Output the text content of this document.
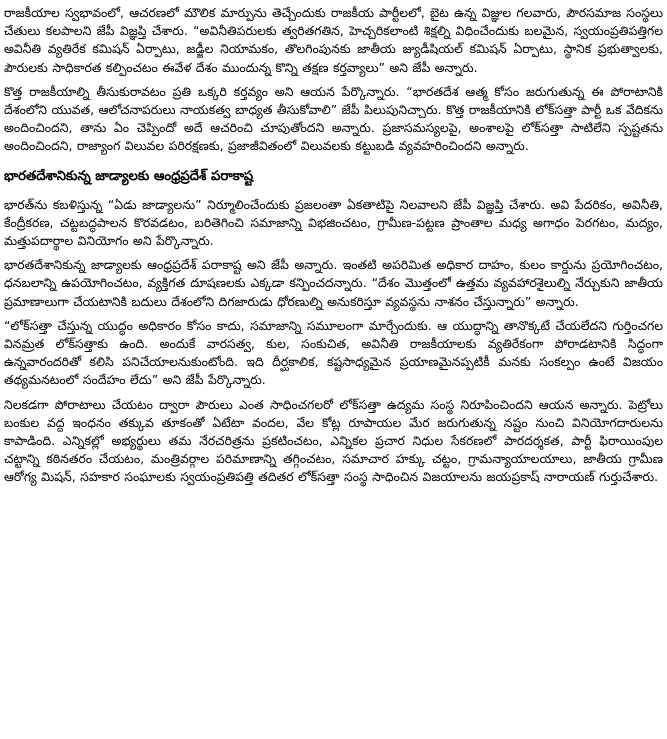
రాజకీయాల స్వభావంలో, ఆచరణలో మౌలిక మార్పును తెచ్చేందుకు రాజకీయ పార్టీలలో, బైట ఉన్న విజ్ఞుల గలవారు, పౌరసమాజ సంస్థలు చేతులు కలపాలని జేపీ విజ్ఞప్తి చేశారు. “అవినీతిపరులకు త్వరితగతిన, హెచ్చరికలాంటి శిక్షల్ని విధించేందుకు బలమైన, స్వయంప్రతిపత్తిగల అవినీతి వ్యతిరేక కమిషన్ ఏర్పాటు, జడ్జీల నియామకం, తొలగింపునకు జాతీయ జ్యుడీషియల్ కమిషన్ ఏర్పాటు, స్థానిక ప్రభుత్వాలకు, పౌరులకు సాధికారత కల్పించటం ఈవేళ దేశం ముందున్న కొన్ని తక్షణ కర్తవ్యాలు” అని జేపీ అన్నారు.

కొత్త రాజకీయాల్ని తీసుకురావటం ప్రతి ఒక్కరి కర్తవ్యం అని ఆయన పేర్కొన్నారు. “భారతదేశ ఆత్మ కోసం జరుగుతున్న ఈ పోరాటానికి దేశంలోని యువత, ఆలోచనాపరులు నాయకత్వ బాధ్యత తీసుకోవాలి” జేపీ పిలుపునిచ్చారు. కొత్త రాజకీయానికి లోక్‌సత్తా పార్టీ ఒక వేదికను అందించిందని, తాను ఏం చెప్పిందో అదే ఆచరించి చూపుతోందని అన్నారు. ప్రజాసమస్యలపై, అంశాలపై లోక్‌సత్తా సాటిలేని స్పష్టతను అందించిందని, రాజ్యాంగ విలువల పరిరక్షణకు, ప్రజాజీవితంలో విలువలకు కట్టుబడి వ్యవహరించిందని అన్నారు.

భారతదేశానికున్న జాడ్యాలకు ఆంధ్రప్రదేశ్ పరాకాష్ట

భారత్‌ను కబళిస్తున్న “ఏడు జాడ్యాలను” నిర్మూలించేందుకు ప్రజలంతా ఏకతాటిపై నిలవాలని జేపీ విజ్ఞప్తి చేశారు. అవి పేదరికం, అవినీతి, కేంద్రీకరణ, చట్టబద్ధపాలన కొరవడటం, బరితెగించి సమాజాన్ని విభజించటం, గ్రామీణ-పట్టణ ప్రాంతాల మధ్య అగాధం పెరగటం, మద్యం, మత్తుపదార్థాల వినియోగం అని పేర్కొన్నారు.

భారతదేశానికున్న జాడ్యాలకు ఆంధ్రప్రదేశ్ పరాకాష్ట అని జేపీ అన్నారు. ఇంతటి అపరిమిత అధికార దాహం, కులం కార్డును ప్రయోగించటం, ధనబలాన్ని ఉపయోగించటం, వ్యక్తిగత దూషణలకు ఎక్కడా కన్పించదన్నారు. “దేశం మొత్తంలో ఉత్తమ వ్యవహారశైలుల్ని నేర్చుకుని జాతీయ ప్రమాణాలుగా చేయటానికి బదులు దేశంలోని దిగజారుడు ధోరణుల్ని అనుకరిస్తూ వ్యవస్థను నాశనం చేస్తున్నారు” అన్నారు.

“లోక్‌సత్తా చేస్తున్న యుద్ధం అధికారం కోసం కాదు, సమాజాన్ని సమూలంగా మార్చేందుకు. ఆ యుద్ధాన్ని తానొక్కటే చేయలేదని గుర్తించగల వినమ్రత లోక్‌సత్తాకు ఉంది. అందుకే వారసత్వ, కుల, సంకుచిత, అవినీతి రాజకీయాలకు వ్యతిరేకంగా పోరాడటానికి సిద్ధంగా ఉన్నవారందరితో కలిసి పనిచేయాలనుకుంటోంది. ఇది దీర్ఘకాలిక, కష్టసాధ్యమైన ప్రయాణమైనప్పటికీ మనకు సంకల్పం ఉంటే విజయం తథ్యమనటంలో సందేహం లేదు” అని జేపీ పేర్కొన్నారు.

నిలకడగా పోరాటాలు చేయటం ద్వారా పౌరులు ఎంత సాధించగలరో లోక్‌సత్తా ఉద్యమ సంస్థ నిరూపించిందని ఆయన అన్నారు. పెట్రోలు బంకుల వద్ద ఇంధనం తక్కువ తూకంతో ఏటేటా వందల, వేల కోట్ల రూపాయల మేర జరుగుతున్న నష్టం నుంచి వినియోగదారులను కాపాడింది. ఎన్నికల్లో అభ్యర్థులు తమ నేరచరిత్రను ప్రకటించటం, ఎన్నికల ప్రచార నిధుల సేకరణలో పారదర్శకత, పార్టీ ఫిరాయింపుల చట్టాన్ని కఠినతరం చేయటం, మంత్రివర్గాల పరిమాణాన్ని తగ్గించటం, సమాచార హక్కు చట్టం, గ్రామన్యాయాలయాలు, జాతీయ గ్రామీణ ఆరోగ్య మిషన్, సహకార సంఘాలకు స్వయంప్రతిపత్తి తదితర లోక్‌సత్తా సంస్థ సాధించిన విజయాలను జయప్రకాష్ నారాయణ్ గుర్తుచేశారు.
